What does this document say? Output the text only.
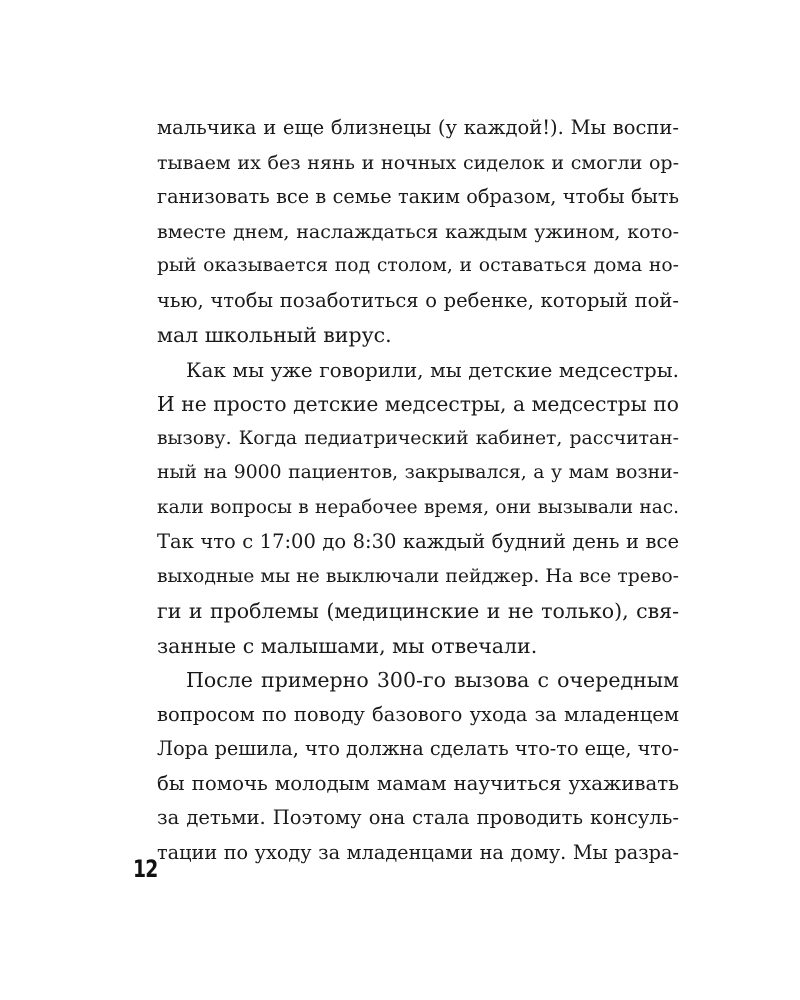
мальчика и еще близнецы (у каждой!). Мы воспи-
тываем их без нянь и ночных сиделок и смогли ор-
ганизовать все в семье таким образом, чтобы быть
вместе днем, наслаждаться каждым ужином, кото-
рый оказывается под столом, и оставаться дома но-
чью, чтобы позаботиться о ребенке, который пой-
мал школьный вирус.
Как мы уже говорили, мы детские медсестры.
И не просто детские медсестры, а медсестры по
вызову. Когда педиатрический кабинет, рассчитан-
ный на 9000 пациентов, закрывался, а у мам возни-
кали вопросы в нерабочее время, они вызывали нас.
Так что с 17:00 до 8:30 каждый будний день и все
выходные мы не выключали пейджер. На все трево-
ги и проблемы (медицинские и не только), свя-
занные с малышами, мы отвечали.
После примерно 300-го вызова с очередным
вопросом по поводу базового ухода за младенцем
Лора решила, что должна сделать что-то еще, что-
бы помочь молодым мамам научиться ухаживать
за детьми. Поэтому она стала проводить консуль-
тации по уходу за младенцами на дому. Мы разра-
12
